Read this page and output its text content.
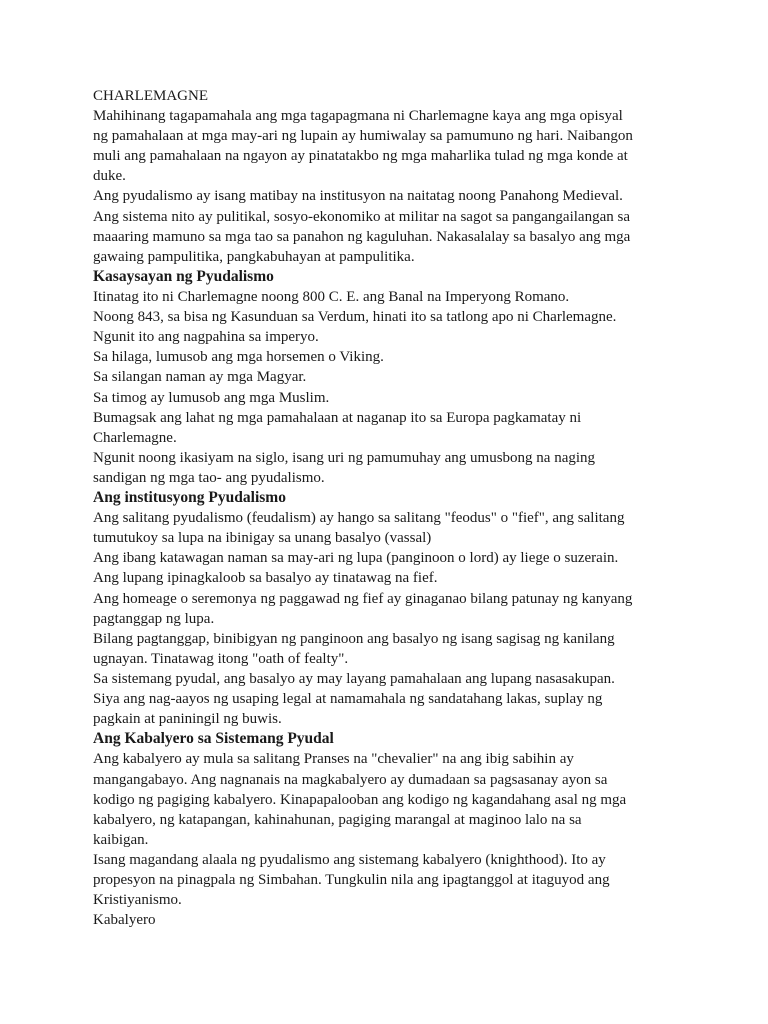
CHARLEMAGNE
Mahihinang tagapamahala ang mga tagapagmana ni Charlemagne kaya ang mga opisyal
ng pamahalaan at mga may-ari ng lupain ay humiwalay sa pamumuno ng hari. Naibangon
muli ang pamahalaan na ngayon ay pinatatakbo ng mga maharlika tulad ng mga konde at
duke.
Ang pyudalismo ay isang matibay na institusyon na naitatag noong Panahong Medieval.
Ang sistema nito ay pulitikal, sosyo-ekonomiko at militar na sagot sa pangangailangan sa
maaaring mamuno sa mga tao sa panahon ng kaguluhan. Nakasalalay sa basalyo ang mga
gawaing pampulitika, pangkabuhayan at pampulitika.
Kasaysayan ng Pyudalismo
Itinatag ito ni Charlemagne noong 800 C. E. ang Banal na Imperyong Romano.
Noong 843, sa bisa ng Kasunduan sa Verdum, hinati ito sa tatlong apo ni Charlemagne.
Ngunit ito ang nagpahina sa imperyo.
Sa hilaga, lumusob ang mga horsemen o Viking.
Sa silangan naman ay mga Magyar.
Sa timog ay lumusob ang mga Muslim.
Bumagsak ang lahat ng mga pamahalaan at naganap ito sa Europa pagkamatay ni
Charlemagne.
Ngunit noong ikasiyam na siglo, isang uri ng pamumuhay ang umusbong na naging
sandigan ng mga tao- ang pyudalismo.
Ang institusyong Pyudalismo
Ang salitang pyudalismo (feudalism) ay hango sa salitang "feodus" o "fief", ang salitang
tumutukoy sa lupa na ibinigay sa unang basalyo (vassal)
Ang ibang katawagan naman sa may-ari ng lupa (panginoon o lord) ay liege o suzerain.
Ang lupang ipinagkaloob sa basalyo ay tinatawag na fief.
Ang homeage o seremonya ng paggawad ng fief ay ginaganao bilang patunay ng kanyang
pagtanggap ng lupa.
Bilang pagtanggap, binibigyan ng panginoon ang basalyo ng isang sagisag ng kanilang
ugnayan. Tinatawag itong "oath of fealty".
Sa sistemang pyudal, ang basalyo ay may layang pamahalaan ang lupang nasasakupan.
Siya ang nag-aayos ng usaping legal at namamahala ng sandatahang lakas, suplay ng
pagkain at paniningil ng buwis.
Ang Kabalyero sa Sistemang Pyudal
Ang kabalyero ay mula sa salitang Pranses na "chevalier" na ang ibig sabihin ay
mangangabayo. Ang nagnanais na magkabalyero ay dumadaan sa pagsasanay ayon sa
kodigo ng pagiging kabalyero. Kinapapalooban ang kodigo ng kagandahang asal ng mga
kabalyero, ng katapangan, kahinahunan, pagiging marangal at maginoo lalo na sa
kaibigan.
Isang magandang alaala ng pyudalismo ang sistemang kabalyero (knighthood). Ito ay
propesyon na pinagpala ng Simbahan. Tungkulin nila ang ipagtanggol at itaguyod ang
Kristiyanismo.
Kabalyero
